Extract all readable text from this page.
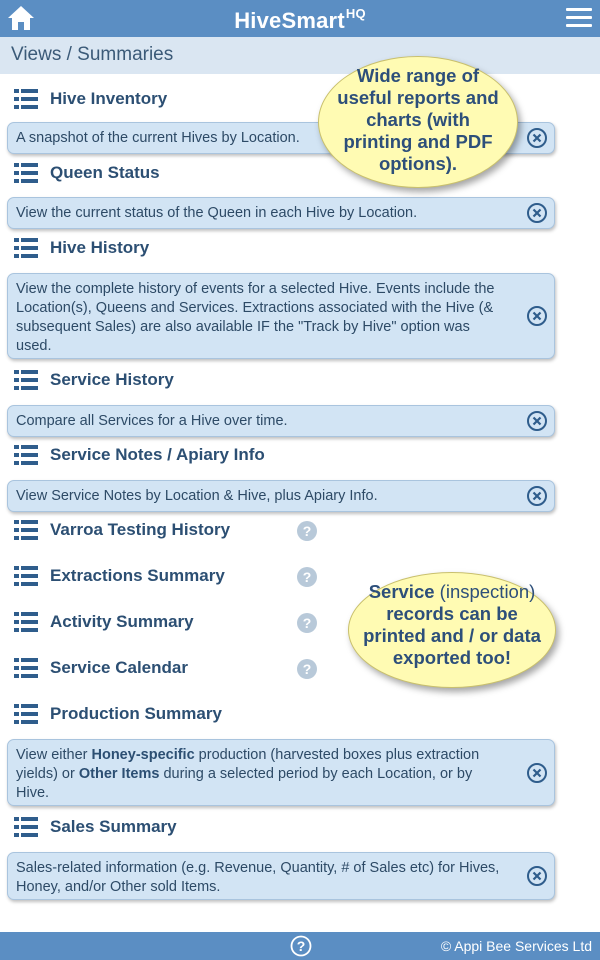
HiveSmart$^{HQ}$
Views / Summaries
Hive Inventory
A snapshot of the current Hives by Location.
Queen Status
View the current status of the Queen in each Hive by Location.
Hive History
View the complete history of events for a selected Hive. Events include the Location(s), Queens and Services. Extractions associated with the Hive (& subsequent Sales) are also available IF the "Track by Hive" option was used.
Service History
Compare all Services for a Hive over time.
Service Notes / Apiary Info
View Service Notes by Location & Hive, plus Apiary Info.
Varroa Testing History	?
Extractions Summary	?
Activity Summary	?
Service Calendar	?
Production Summary
View either Honey-specific production (harvested boxes plus extraction yields) or Other Items during a selected period by each Location, or by Hive.
Sales Summary
Sales-related information (e.g. Revenue, Quantity, # of Sales etc) for Hives, Honey, and/or Other sold Items.
Wide range of useful reports and charts (with printing and PDF options).
Service (inspection) records can be printed and / or data exported too!
?	© Appi Bee Services Ltd
